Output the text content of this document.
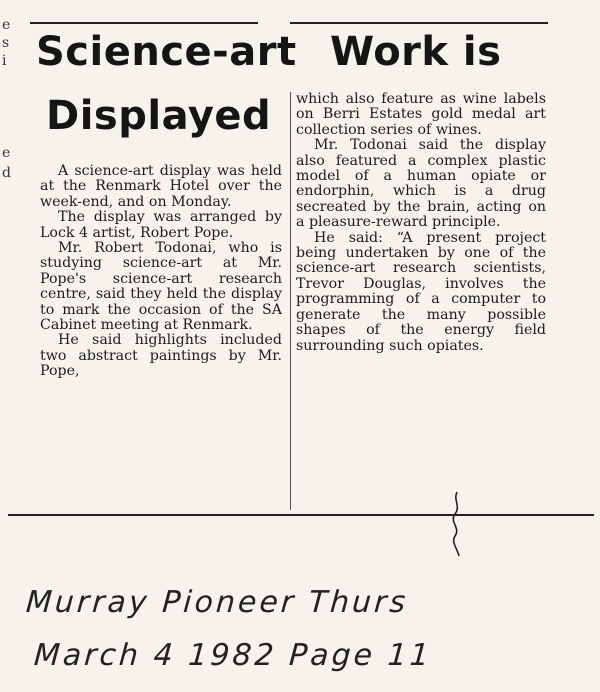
e
s
i
e
d
Science-art Work is
Displayed

A science-art display was held at the Renmark Hotel over the week-end, and on Monday.

The display was arranged by Lock 4 artist, Robert Pope.

Mr. Robert Todonai, who is studying science-art at Mr. Pope's science-art research centre, said they held the display to mark the occasion of the SA Cabinet meeting at Renmark.

He said highlights included two abstract paintings by Mr. Pope,

which also feature as wine labels on Berri Estates gold medal art collection series of wines.

Mr. Todonai said the display also featured a complex plastic model of a human opiate or endorphin, which is a drug secreated by the brain, acting on a pleasure-reward principle.

He said: “A present project being undertaken by one of the science-art research scientists, Trevor Douglas, involves the programming of a computer to generate the many possible shapes of the energy field surrounding such opiates.

Murray Pioneer Thurs
March 4 1982 Page 11
